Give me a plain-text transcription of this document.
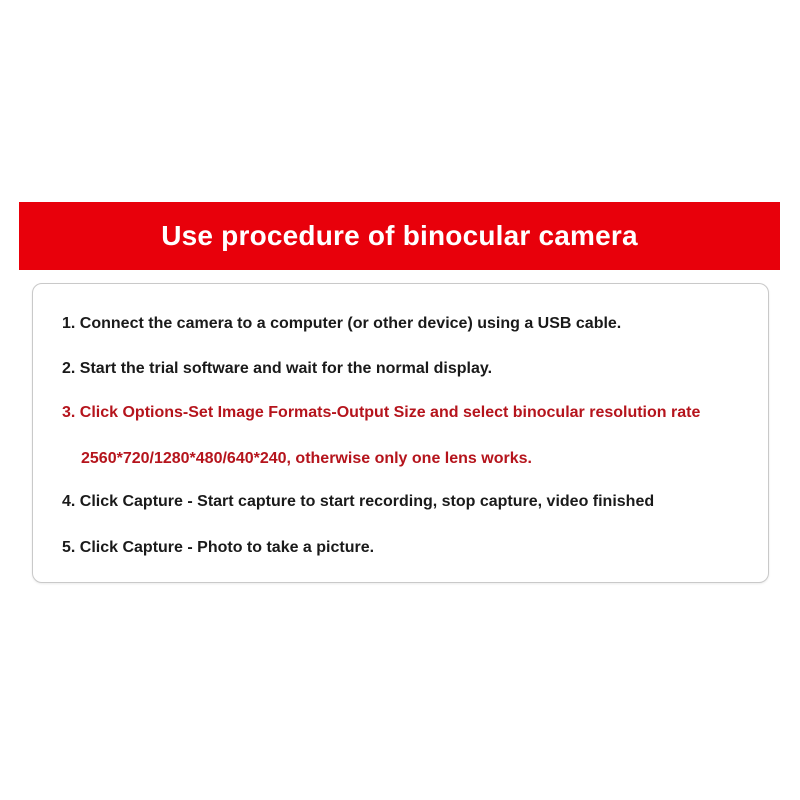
Use procedure of binocular camera
1. Connect the camera to a computer (or other device) using a USB cable.
2. Start the trial software and wait for the normal display.
3. Click Options-Set Image Formats-Output Size and select binocular resolution rate
2560*720/1280*480/640*240, otherwise only one lens works.
4. Click Capture - Start capture to start recording, stop capture, video finished
5. Click Capture - Photo to take a picture.
